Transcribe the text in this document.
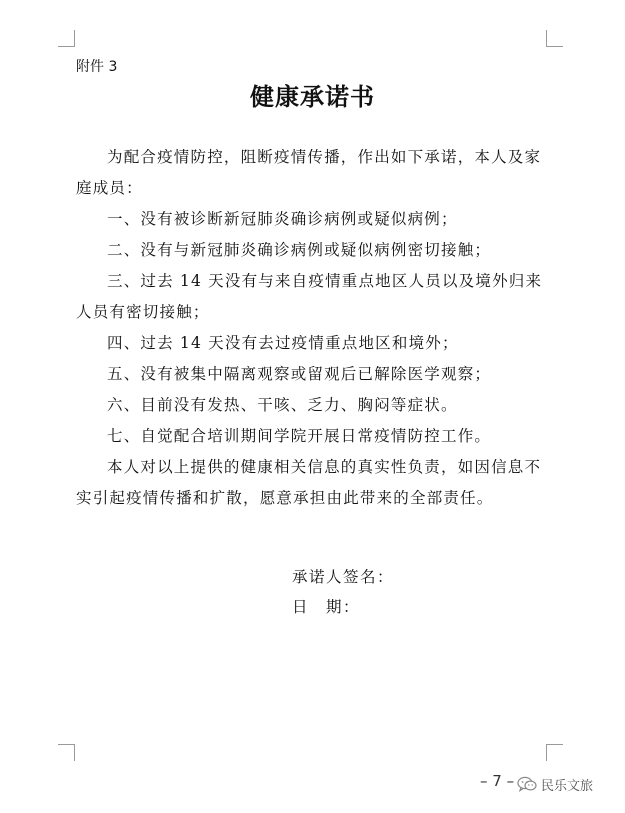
附件 3
健康承诺书
为配合疫情防控，阻断疫情传播，作出如下承诺，本人及家
庭成员：
一、没有被诊断新冠肺炎确诊病例或疑似病例；
二、没有与新冠肺炎确诊病例或疑似病例密切接触；
三、过去 14 天没有与来自疫情重点地区人员以及境外归来
人员有密切接触；
四、过去 14 天没有去过疫情重点地区和境外；
五、没有被集中隔离观察或留观后已解除医学观察；
六、目前没有发热、干咳、乏力、胸闷等症状。
七、自觉配合培训期间学院开展日常疫情防控工作。
本人对以上提供的健康相关信息的真实性负责，如因信息不
实引起疫情传播和扩散，愿意承担由此带来的全部责任。
承诺人签名：
日　期：
– 7 – 民乐文旅
